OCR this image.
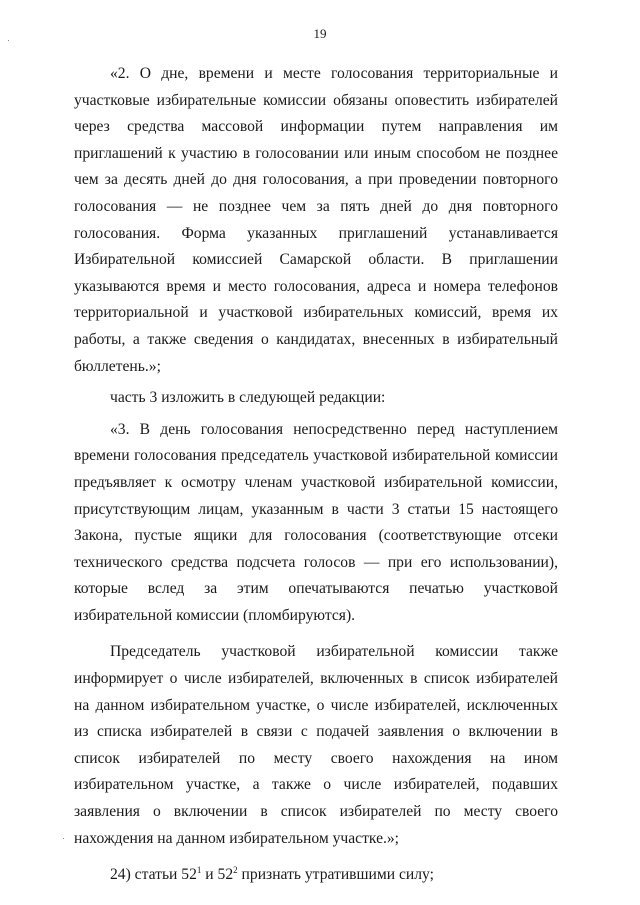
19

«2. О дне, времени и месте голосования территориальные и участковые избирательные комиссии обязаны оповестить избирателей через средства массовой информации путем направления им приглашений к участию в голосовании или иным способом не позднее чем за десять дней до дня голосования, а при проведении повторного голосования — не позднее чем за пять дней до дня повторного голосования. Форма указанных приглашений устанавливается Избирательной комиссией Самарской области. В приглашении указываются время и место голосования, адреса и номера телефонов территориальной и участковой избирательных комиссий, время их работы, а также сведения о кандидатах, внесенных в избирательный бюллетень.»;

часть 3 изложить в следующей редакции:

«3. В день голосования непосредственно перед наступлением времени голосования председатель участковой избирательной комиссии предъявляет к осмотру членам участковой избирательной комиссии, присутствующим лицам, указанным в части 3 статьи 15 настоящего Закона, пустые ящики для голосования (соответствующие отсеки технического средства подсчета голосов — при его использовании), которые вслед за этим опечатываются печатью участковой избирательной комиссии (пломбируются).

Председатель участковой избирательной комиссии также информирует о числе избирателей, включенных в список избирателей на данном избирательном участке, о числе избирателей, исключенных из списка избирателей в связи с подачей заявления о включении в список избирателей по месту своего нахождения на ином избирательном участке, а также о числе избирателей, подавших заявления о включении в список избирателей по месту своего нахождения на данном избирательном участке.»;

24) статьи $52^1$ и $52^2$ признать утратившими силу;
